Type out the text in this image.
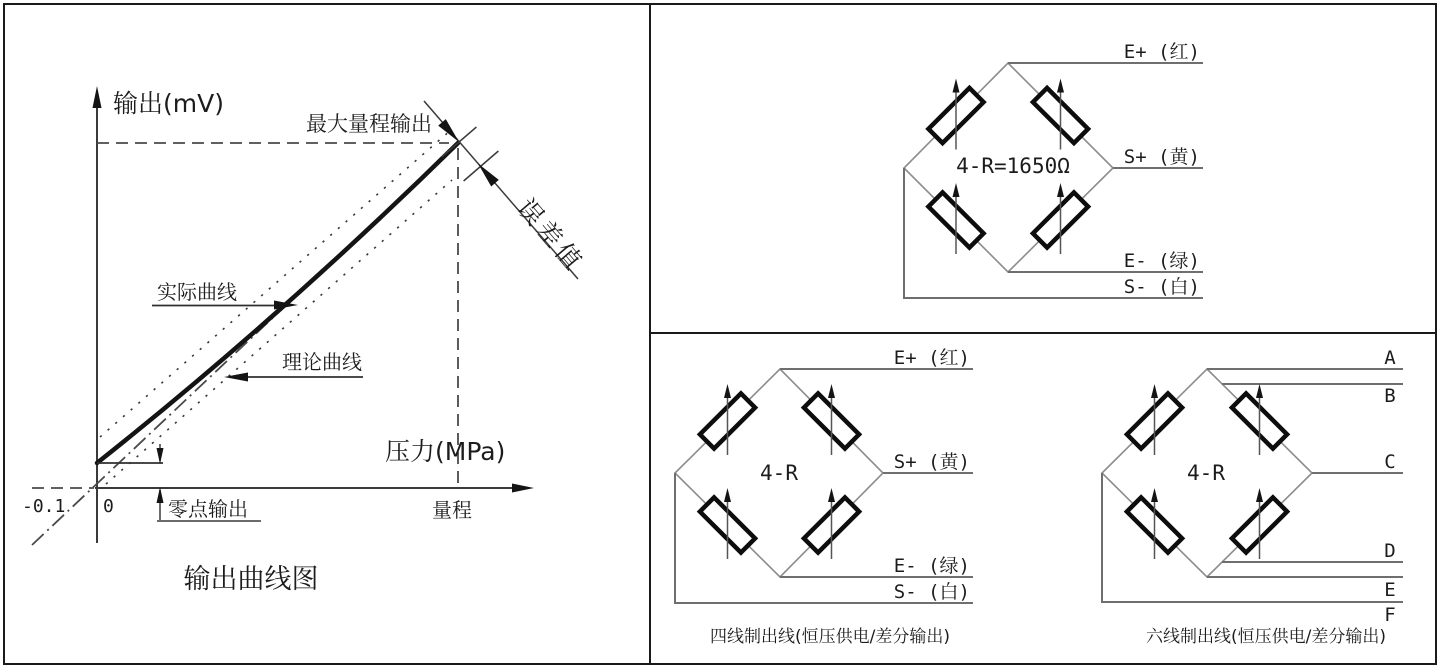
误差值
最大量程输出
实际曲线
理论曲线
零点输出
输出(mV)
压力(MPa)
量程
0
-0.1
输出曲线图
E+ (红)
S+ (黄)
E- (绿)
S- (白)
4-R=1650Ω
E+ (红)
S+ (黄)
E- (绿)
S- (白)
4-R
四线制出线(恒压供电/差分输出)
A
B
C
D
E
F
4-R
六线制出线(恒压供电/差分输出)
